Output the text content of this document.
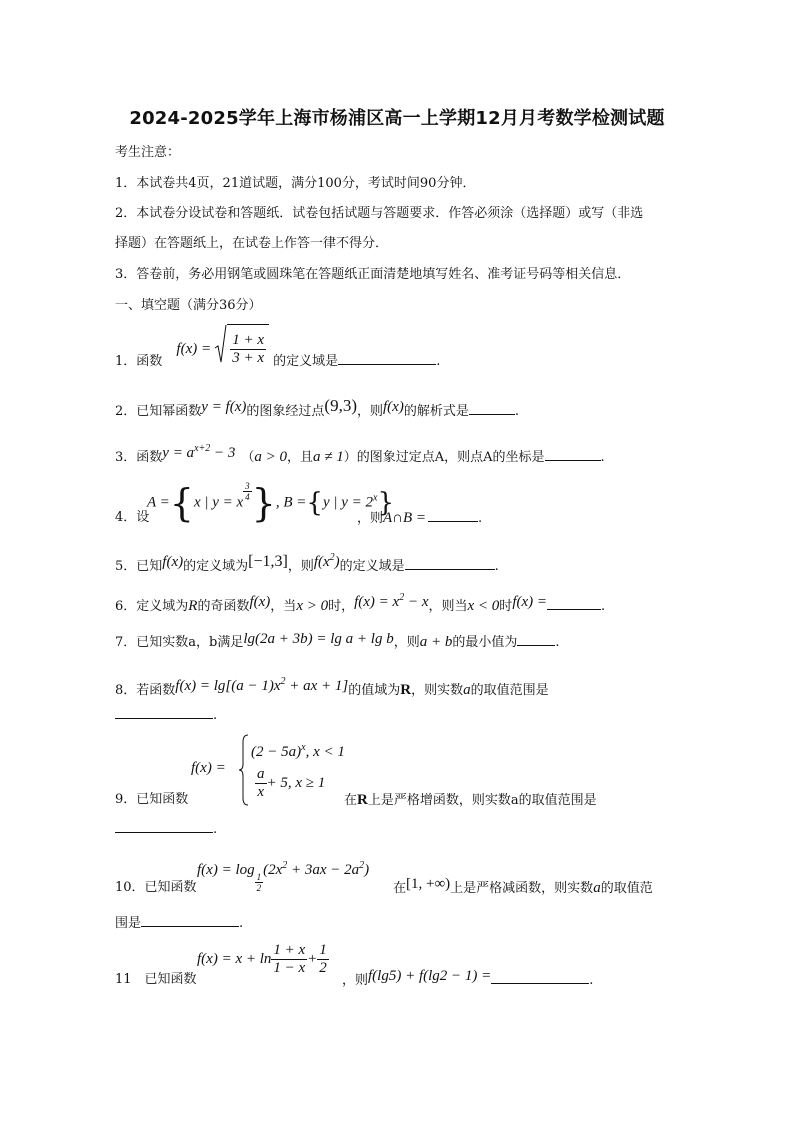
2024-2025学年上海市杨浦区高一上学期12月月考数学检测试题
考生注意：
1．本试卷共4页，21道试题，满分100分，考试时间90分钟．
2．本试卷分设试卷和答题纸．试卷包括试题与答题要求．作答必须涂（选择题）或写（非选
择题）在答题纸上，在试卷上作答一律不得分．
3．答卷前，务必用钢笔或圆珠笔在答题纸正面清楚地填写姓名、准考证号码等相关信息．
一、填空题（满分36分）
1．函数 $f(x) = \frac{1 + x}{3 + x}$ 的定义域是	.
2．已知幂函数y = f(x)的图象经过点(9,3)，则f(x)的解析式是	.
3．函数$y = a^{x+2} - 3$ （a > 0，且a ≠ 1）的图象过定点A，则点A的坐标是	.
4．设
A ={x | y = x
$\frac{3}{4}$ }, B ={y | $y = 2^x$}
，则A∩B =	.
5．已知f(x)的定义域为[−1,3]，则$f(x^2)$的定义域是	.
6．定义域为R的奇函数f(x)，当x > 0时，$f(x) = x^2 - x$，则当x < 0时f(x) =	.
7．已知实数a，b满足lg(2a + 3b) = lg a + lg b，则a + b的最小值为	.
8．若函数$f(x) = \lg[(a - 1)x^2$ + ax + 1]的值域为R，则实数a的取值范围是
.
9．已知函数
f(x) =
$(2 - 5a)^x$, x < 1
$\frac{a}{x} + 5$, x ≥ 1
在R上是严格增函数，则实数a的取值范围是
.
10．已知函数
f(x) = log
$\frac{1}{2}$
$(2x^2 + 3ax - 2a^2)$
在[1, +∞)上是严格减函数，则实数a的取值范
围是	.
11　已知函数
$f(x) = x + \ln \frac{1 + x}{1 - x} + \frac{1}{2}$
，则f(lg5) + f(lg2 − 1) =	.
